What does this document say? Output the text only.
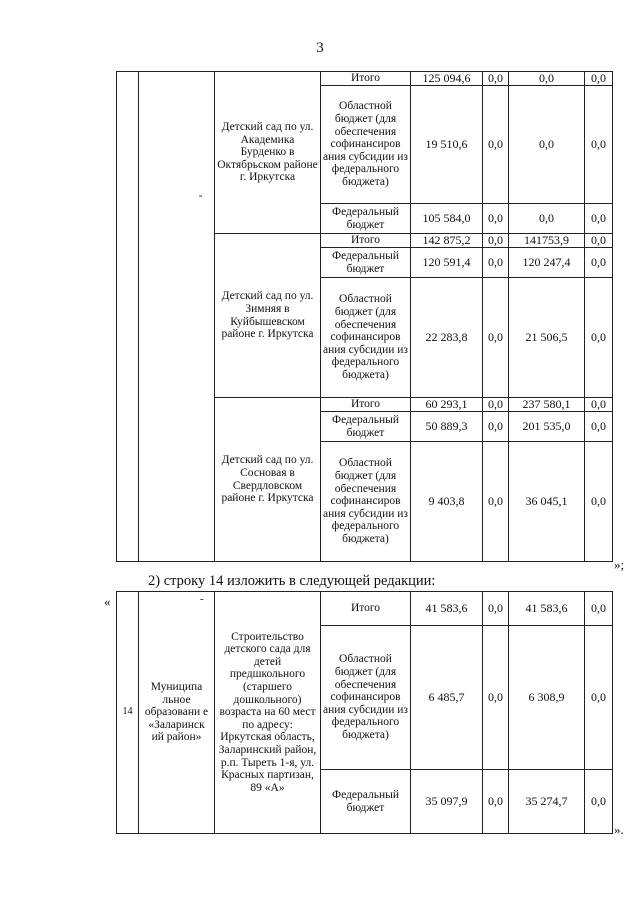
3
	-	Детский сад по ул. Академика Бурденко в Октябрьском районе г. Иркутска	Итого	125 094,6	0,0	0,0	0,0
			Областной бюджет (для обеспечения софинансиров ания субсидии из федерального бюджета)	19 510,6	0,0	0,0	0,0
			Федеральный бюджет	105 584,0	0,0	0,0	0,0
		Детский сад по ул. Зимняя в Куйбышевском районе г. Иркутска	Итого	142 875,2	0,0	141753,9	0,0
			Федеральный бюджет	120 591,4	0,0	120 247,4	0,0
			Областной бюджет (для обеспечения софинансиров ания субсидии из федерального бюджета)	22 283,8	0,0	21 506,5	0,0
		Детский сад по ул. Сосновая в Свердловском районе г. Иркутска	Итого	60 293,1	0,0	237 580,1	0,0
			Федеральный бюджет	50 889,3	0,0	201 535,0	0,0
			Областной бюджет (для обеспечения софинансиров ания субсидии из федерального бюджета)	9 403,8	0,0	36 045,1	0,0
»;
2) строку 14 изложить в следующей редакции:
«
14	Муниципа льное образовани е «Заларинск ий район»	Строительство детского сада для детей предшкольного (старшего дошкольного) возраста на 60 мест по адресу: Иркутская область, Заларинский район, р.п. Тыреть 1-я, ул. Красных партизан, 89 «А»	Итого	41 583,6	0,0	41 583,6	0,0
			Областной бюджет (для обеспечения софинансиров ания субсидии из федерального бюджета)	6 485,7	0,0	6 308,9	0,0
			Федеральный бюджет	35 097,9	0,0	35 274,7	0,0
-
».
